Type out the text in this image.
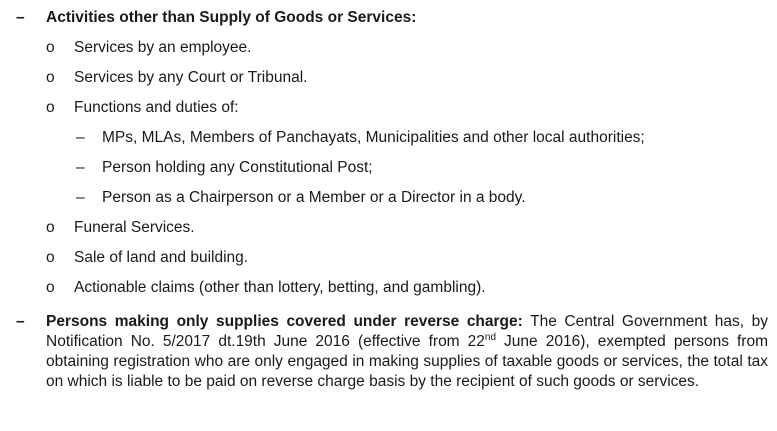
–	Activities other than Supply of Goods or Services:
o	Services by an employee.
o	Services by any Court or Tribunal.
o	Functions and duties of:
–	MPs, MLAs, Members of Panchayats, Municipalities and other local authorities;
–	Person holding any Constitutional Post;
–	Person as a Chairperson or a Member or a Director in a body.
o	Funeral Services.
o	Sale of land and building.
o	Actionable claims (other than lottery, betting, and gambling).
–	Persons making only supplies covered under reverse charge: The Central Government has, by Notification No. 5/2017 dt.19th June 2016 (effective from 22nd June 2016), exempted persons from obtaining registration who are only engaged in making supplies of taxable goods or services, the total tax on which is liable to be paid on reverse charge basis by the recipient of such goods or services.
